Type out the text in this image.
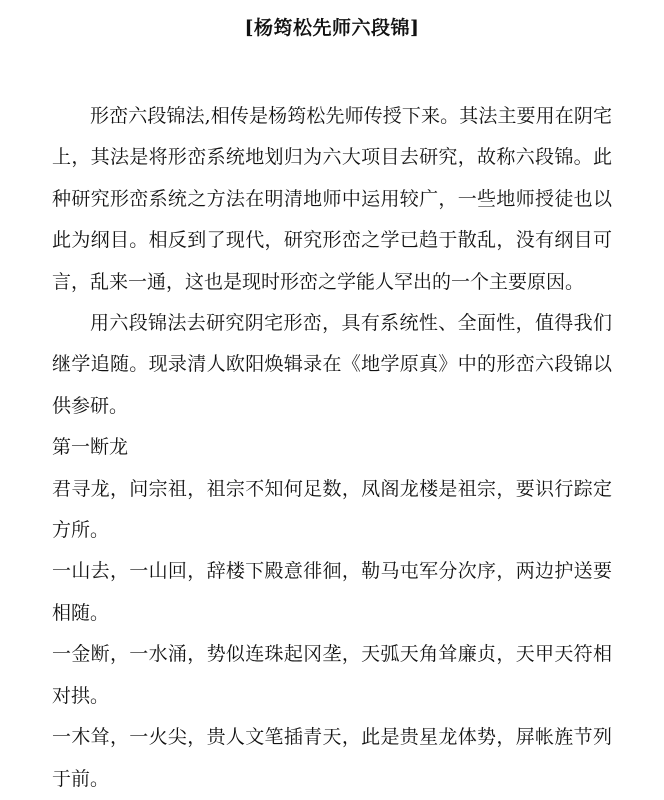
[杨筠松先师六段锦]

形峦六段锦法,相传是杨筠松先师传授下来。其法主要用在阴宅上，其法是将形峦系统地划归为六大项目去研究，故称六段锦。此种研究形峦系统之方法在明清地师中运用较广，一些地师授徒也以此为纲目。相反到了现代，研究形峦之学已趋于散乱，没有纲目可言，乱来一通，这也是现时形峦之学能人罕出的一个主要原因。

用六段锦法去研究阴宅形峦，具有系统性、全面性，值得我们继学追随。现录清人欧阳焕辑录在《地学原真》中的形峦六段锦以供参研。

第一断龙

君寻龙，问宗祖，祖宗不知何足数，凤阁龙楼是祖宗，要识行踪定方所。

一山去，一山回，辞楼下殿意徘徊，勒马屯军分次序，两边护送要相随。

一金断，一水涌，势似连珠起冈垄，天弧天角耸廉贞，天甲天符相对拱。

一木耸，一火尖，贵人文笔插青天，此是贵星龙体势，屏帐旌节列于前。
